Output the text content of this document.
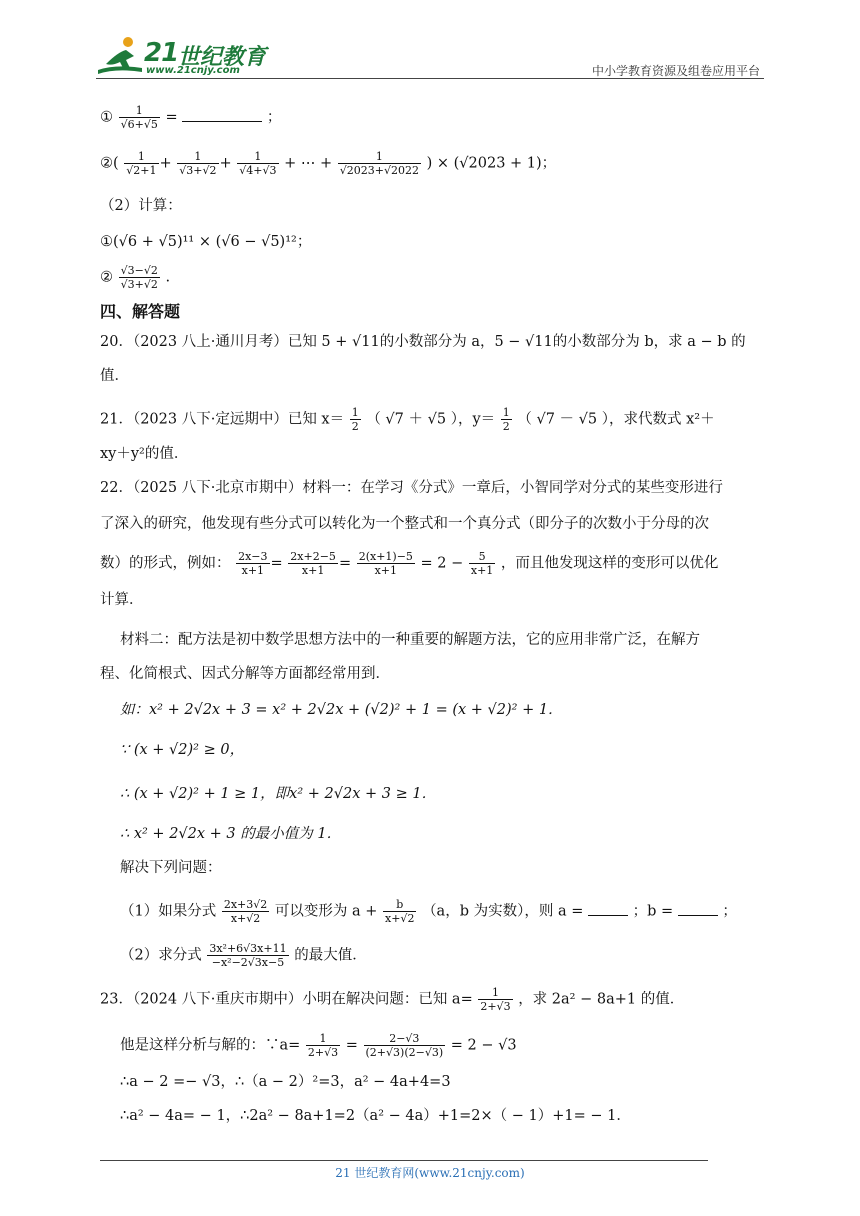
21 世纪教育
www.21cnjy.com	中小学教育资源及组卷应用平台
① $\frac{1}{√6+√5}$ =	；
②( $\frac{1}{√2+1} + \frac{1}{√3+√2} + \frac{1}{√4+√3}$ + ⋯ + $\frac{1}{√2023+√2022}$ ) × (√2023 + 1)；
（2）计算：
①(√6 + √5)¹¹ × (√6 − √5)¹²；
② $\frac{√3-√2}{√3+√2}$ .
四、解答题
20．（2023 八上·通川月考）已知 5 + √11的小数部分为 a，5 − √11的小数部分为 b，求 a − b 的
值．
21．（2023 八下·定远期中）已知 $x= \frac{1}{2}$ （ √7 ＋ √5 ），$y= \frac{1}{2}$ （ √7 － √5 ），求代数式 x²＋
xy＋y²的值．
22．（2025 八下·北京市期中）材料一：在学习《分式》一章后，小智同学对分式的某些变形进行
了深入的研究，他发现有些分式可以转化为一个整式和一个真分式（即分子的次数小于分母的次
数）的形式，例如： $\frac{2x-3}{x+1} = \frac{2x+2-5}{x+1} = \frac{2(x+1)-5}{x+1} = 2 - \frac{5}{x+1}$ ，而且他发现这样的变形可以优化
计算．
材料二：配方法是初中数学思想方法中的一种重要的解题方法，它的应用非常广泛，在解方
程、化简根式、因式分解等方面都经常用到．
如：x² + 2√2x + 3 = x² + 2√2x + (√2)² + 1 = (x + √2)² + 1．
∵ (x + √2)² ≥ 0，
∴ (x + √2)² + 1 ≥ 1，即x² + 2√2x + 3 ≥ 1．
∴ x² + 2√2x + 3 的最小值为 1．
解决下列问题：
（1）如果分式 $\frac{2x+3√2}{x+√2}$ 可以变形为 $a + \frac{b}{x+√2} (a$，b 为实数），则 a =	；b =	；
（2）求分式 $\frac{\text{3x²+6√3x+11}}{\text{−x²−2√3x−5}}$ 的最大值．
23．（2024 八下·重庆市期中）小明在解决问题：已知 $a= \frac{1}{2+√3}$ ，求 2a² − 8a+1 的值．
他是这样分析与解的：∵a= $\frac{1}{2+√3} = \frac{2-√3}{(2+√3)(2-√3)} = 2 - √3$
∴a − 2 =− √3，∴（a − 2）²=3，a² − 4a+4=3
∴a² − 4a= − 1，∴2a² − 8a+1=2（a² − 4a）+1=2×（ − 1）+1= − 1．
21 世纪教育网(www.21cnjy.com)
